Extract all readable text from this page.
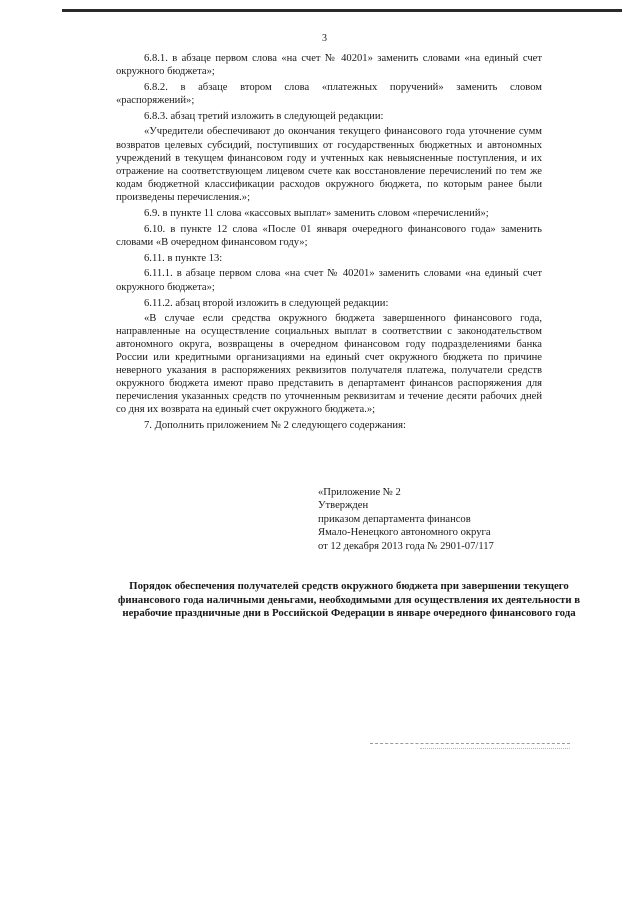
3

6.8.1. в абзаце первом слова «на счет № 40201» заменить словами «на единый счет окружного бюджета»;

6.8.2. в абзаце втором слова «платежных поручений» заменить словом «распоряжений»;

6.8.3. абзац третий изложить в следующей редакции:

«Учредители обеспечивают до окончания текущего финансового года уточнение сумм возвратов целевых субсидий, поступивших от государственных бюджетных и автономных учреждений в текущем финансовом году и учтенных как невыясненные поступления, и их отражение на соответствующем лицевом счете как восстановление перечислений по тем же кодам бюджетной классификации расходов окружного бюджета, по которым ранее были произведены перечисления.»;

6.9. в пункте 11 слова «кассовых выплат» заменить словом «перечислений»;

6.10. в пункте 12 слова «После 01 января очередного финансового года» заменить словами «В очередном финансовом году»;

6.11. в пункте 13:

6.11.1. в абзаце первом слова «на счет № 40201» заменить словами «на единый счет окружного бюджета»;

6.11.2. абзац второй изложить в следующей редакции:

«В случае если средства окружного бюджета завершенного финансового года, направленные на осуществление социальных выплат в соответствии с законодательством автономного округа, возвращены в очередном финансовом году подразделениями банка России или кредитными организациями на единый счет окружного бюджета по причине неверного указания в распоряжениях реквизитов получателя платежа, получатели средств окружного бюджета имеют право представить в департамент финансов распоряжения для перечисления указанных средств по уточненным реквизитам и течение десяти рабочих дней со дня их возврата на единый счет окружного бюджета.»;

7. Дополнить приложением № 2 следующего содержания:

«Приложение № 2
Утвержден
приказом департамента финансов
Ямало-Ненецкого автономного округа
от 12 декабря 2013 года № 2901-07/117
Порядок обеспечения получателей средств окружного бюджета при завершении текущего финансового года наличными деньгами, необходимыми для осуществления их деятельности в нерабочие праздничные дни в Российской Федерации в январе очередного финансового года
